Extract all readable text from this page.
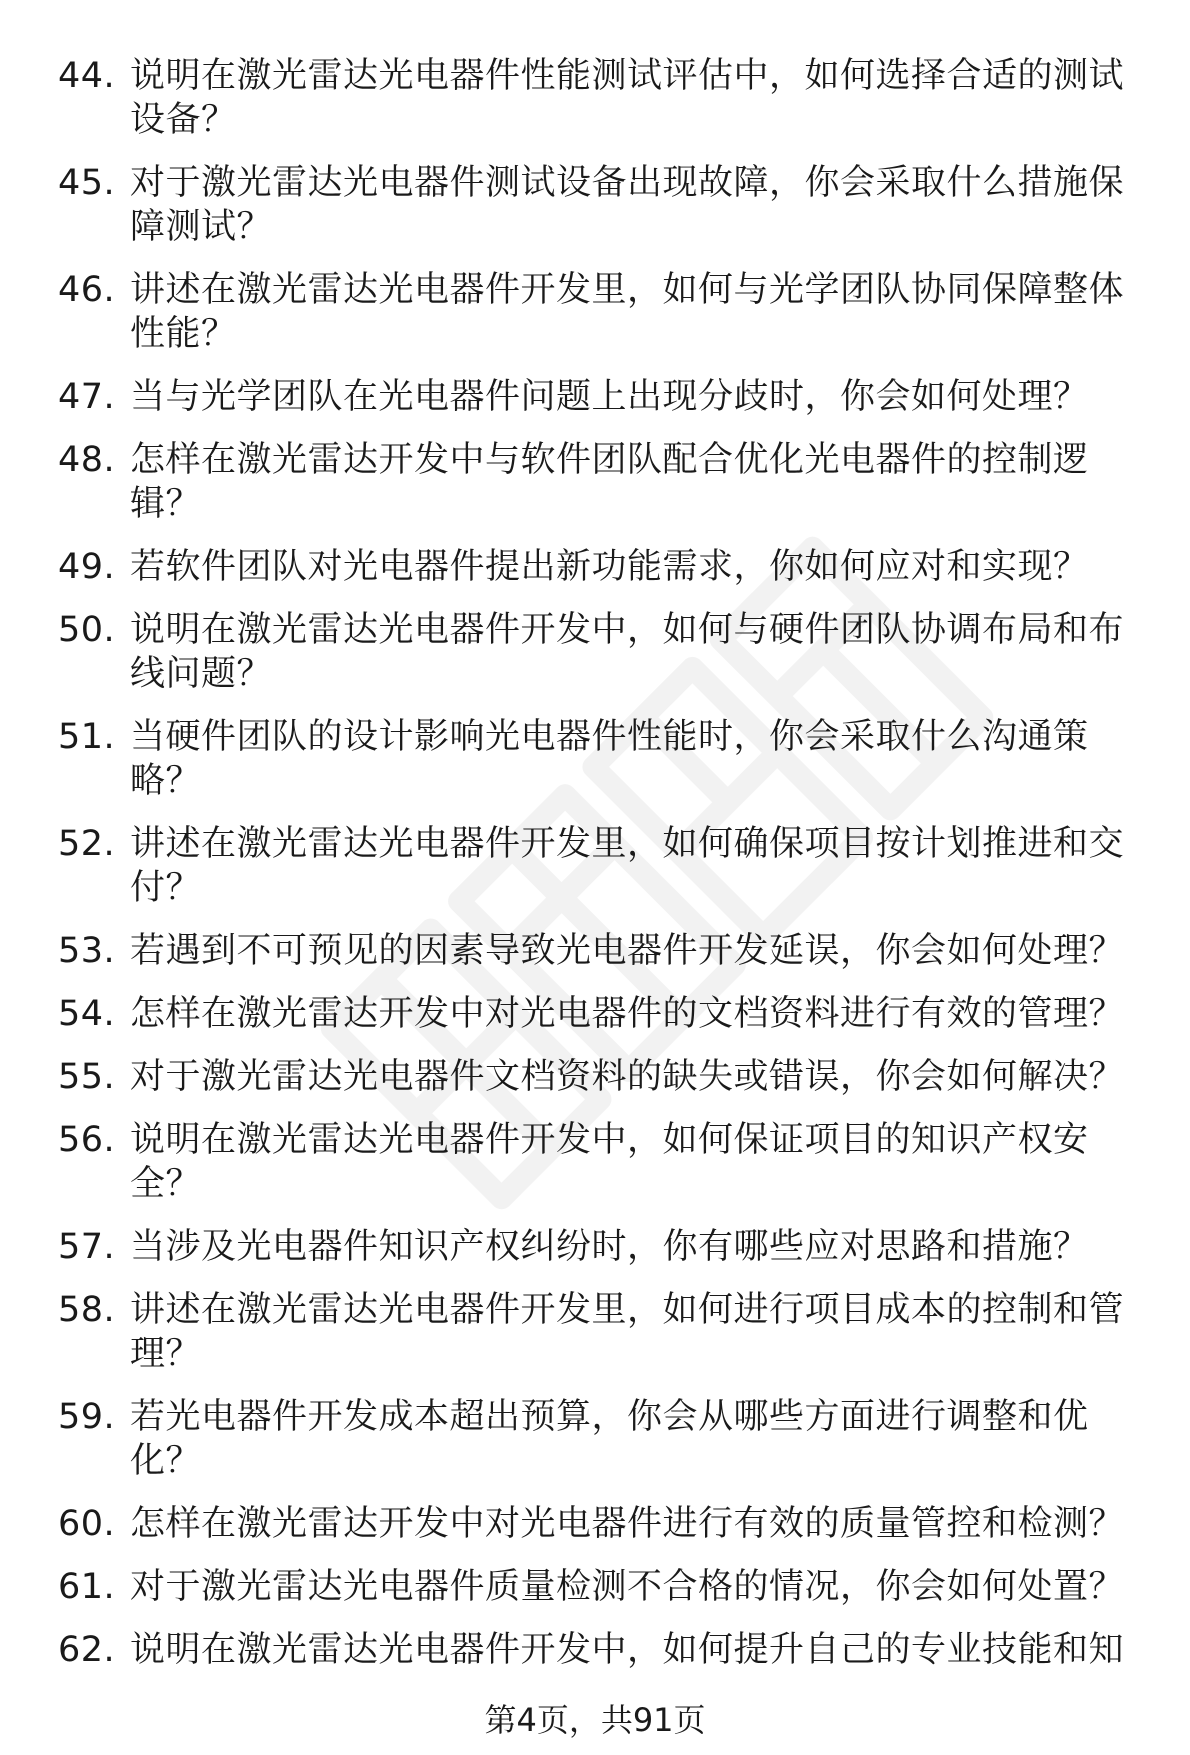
44. 说明在激光雷达光电器件性能测试评估中，如何选择合适的测试设备？
45. 对于激光雷达光电器件测试设备出现故障，你会采取什么措施保障测试？
46. 讲述在激光雷达光电器件开发里，如何与光学团队协同保障整体性能？
47. 当与光学团队在光电器件问题上出现分歧时，你会如何处理？
48. 怎样在激光雷达开发中与软件团队配合优化光电器件的控制逻辑？
49. 若软件团队对光电器件提出新功能需求，你如何应对和实现？
50. 说明在激光雷达光电器件开发中，如何与硬件团队协调布局和布线问题？
51. 当硬件团队的设计影响光电器件性能时，你会采取什么沟通策略？
52. 讲述在激光雷达光电器件开发里，如何确保项目按计划推进和交付？
53. 若遇到不可预见的因素导致光电器件开发延误，你会如何处理？
54. 怎样在激光雷达开发中对光电器件的文档资料进行有效的管理？
55. 对于激光雷达光电器件文档资料的缺失或错误，你会如何解决？
56. 说明在激光雷达光电器件开发中，如何保证项目的知识产权安全？
57. 当涉及光电器件知识产权纠纷时，你有哪些应对思路和措施？
58. 讲述在激光雷达光电器件开发里，如何进行项目成本的控制和管理？
59. 若光电器件开发成本超出预算，你会从哪些方面进行调整和优化？
60. 怎样在激光雷达开发中对光电器件进行有效的质量管控和检测？
61. 对于激光雷达光电器件质量检测不合格的情况，你会如何处置？
62. 说明在激光雷达光电器件开发中，如何提升自己的专业技能和知
第4页，共91页
